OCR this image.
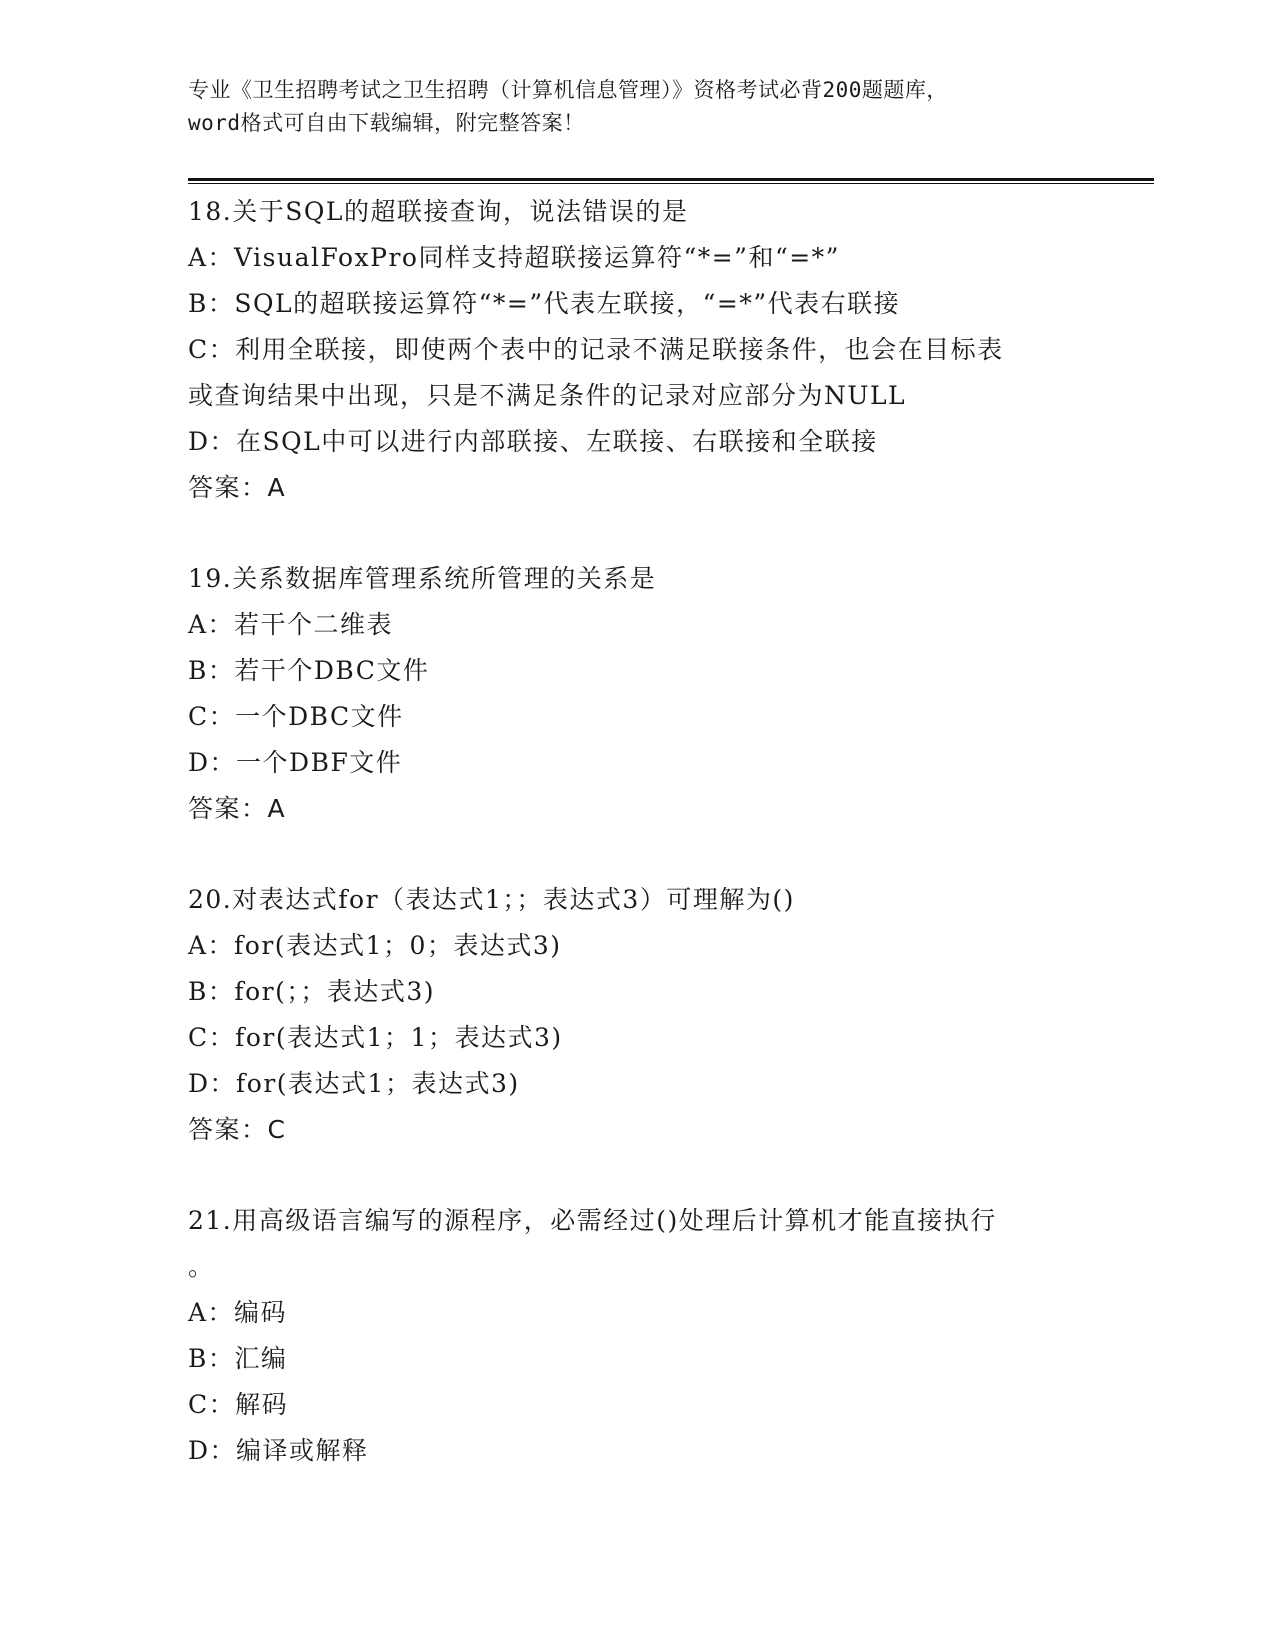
专业《卫生招聘考试之卫生招聘（计算机信息管理）》资格考试必背200题题库，
word格式可自由下载编辑，附完整答案！
18.关于SQL的超联接查询，说法错误的是
A：VisualFoxPro同样支持超联接运算符“*=”和“=*”
B：SQL的超联接运算符“*=”代表左联接，“=*”代表右联接
C：利用全联接，即使两个表中的记录不满足联接条件，也会在目标表
或查询结果中出现，只是不满足条件的记录对应部分为NULL
D：在SQL中可以进行内部联接、左联接、右联接和全联接
答案：A
19.关系数据库管理系统所管理的关系是
A：若干个二维表
B：若干个DBC文件
C：一个DBC文件
D：一个DBF文件
答案：A
20.对表达式for（表达式1；；表达式3）可理解为()
A：for(表达式1；0；表达式3)
B：for(；；表达式3)
C：for(表达式1；1；表达式3)
D：for(表达式1；表达式3)
答案：C
21.用高级语言编写的源程序，必需经过()处理后计算机才能直接执行
。
A：编码
B：汇编
C：解码
D：编译或解释
